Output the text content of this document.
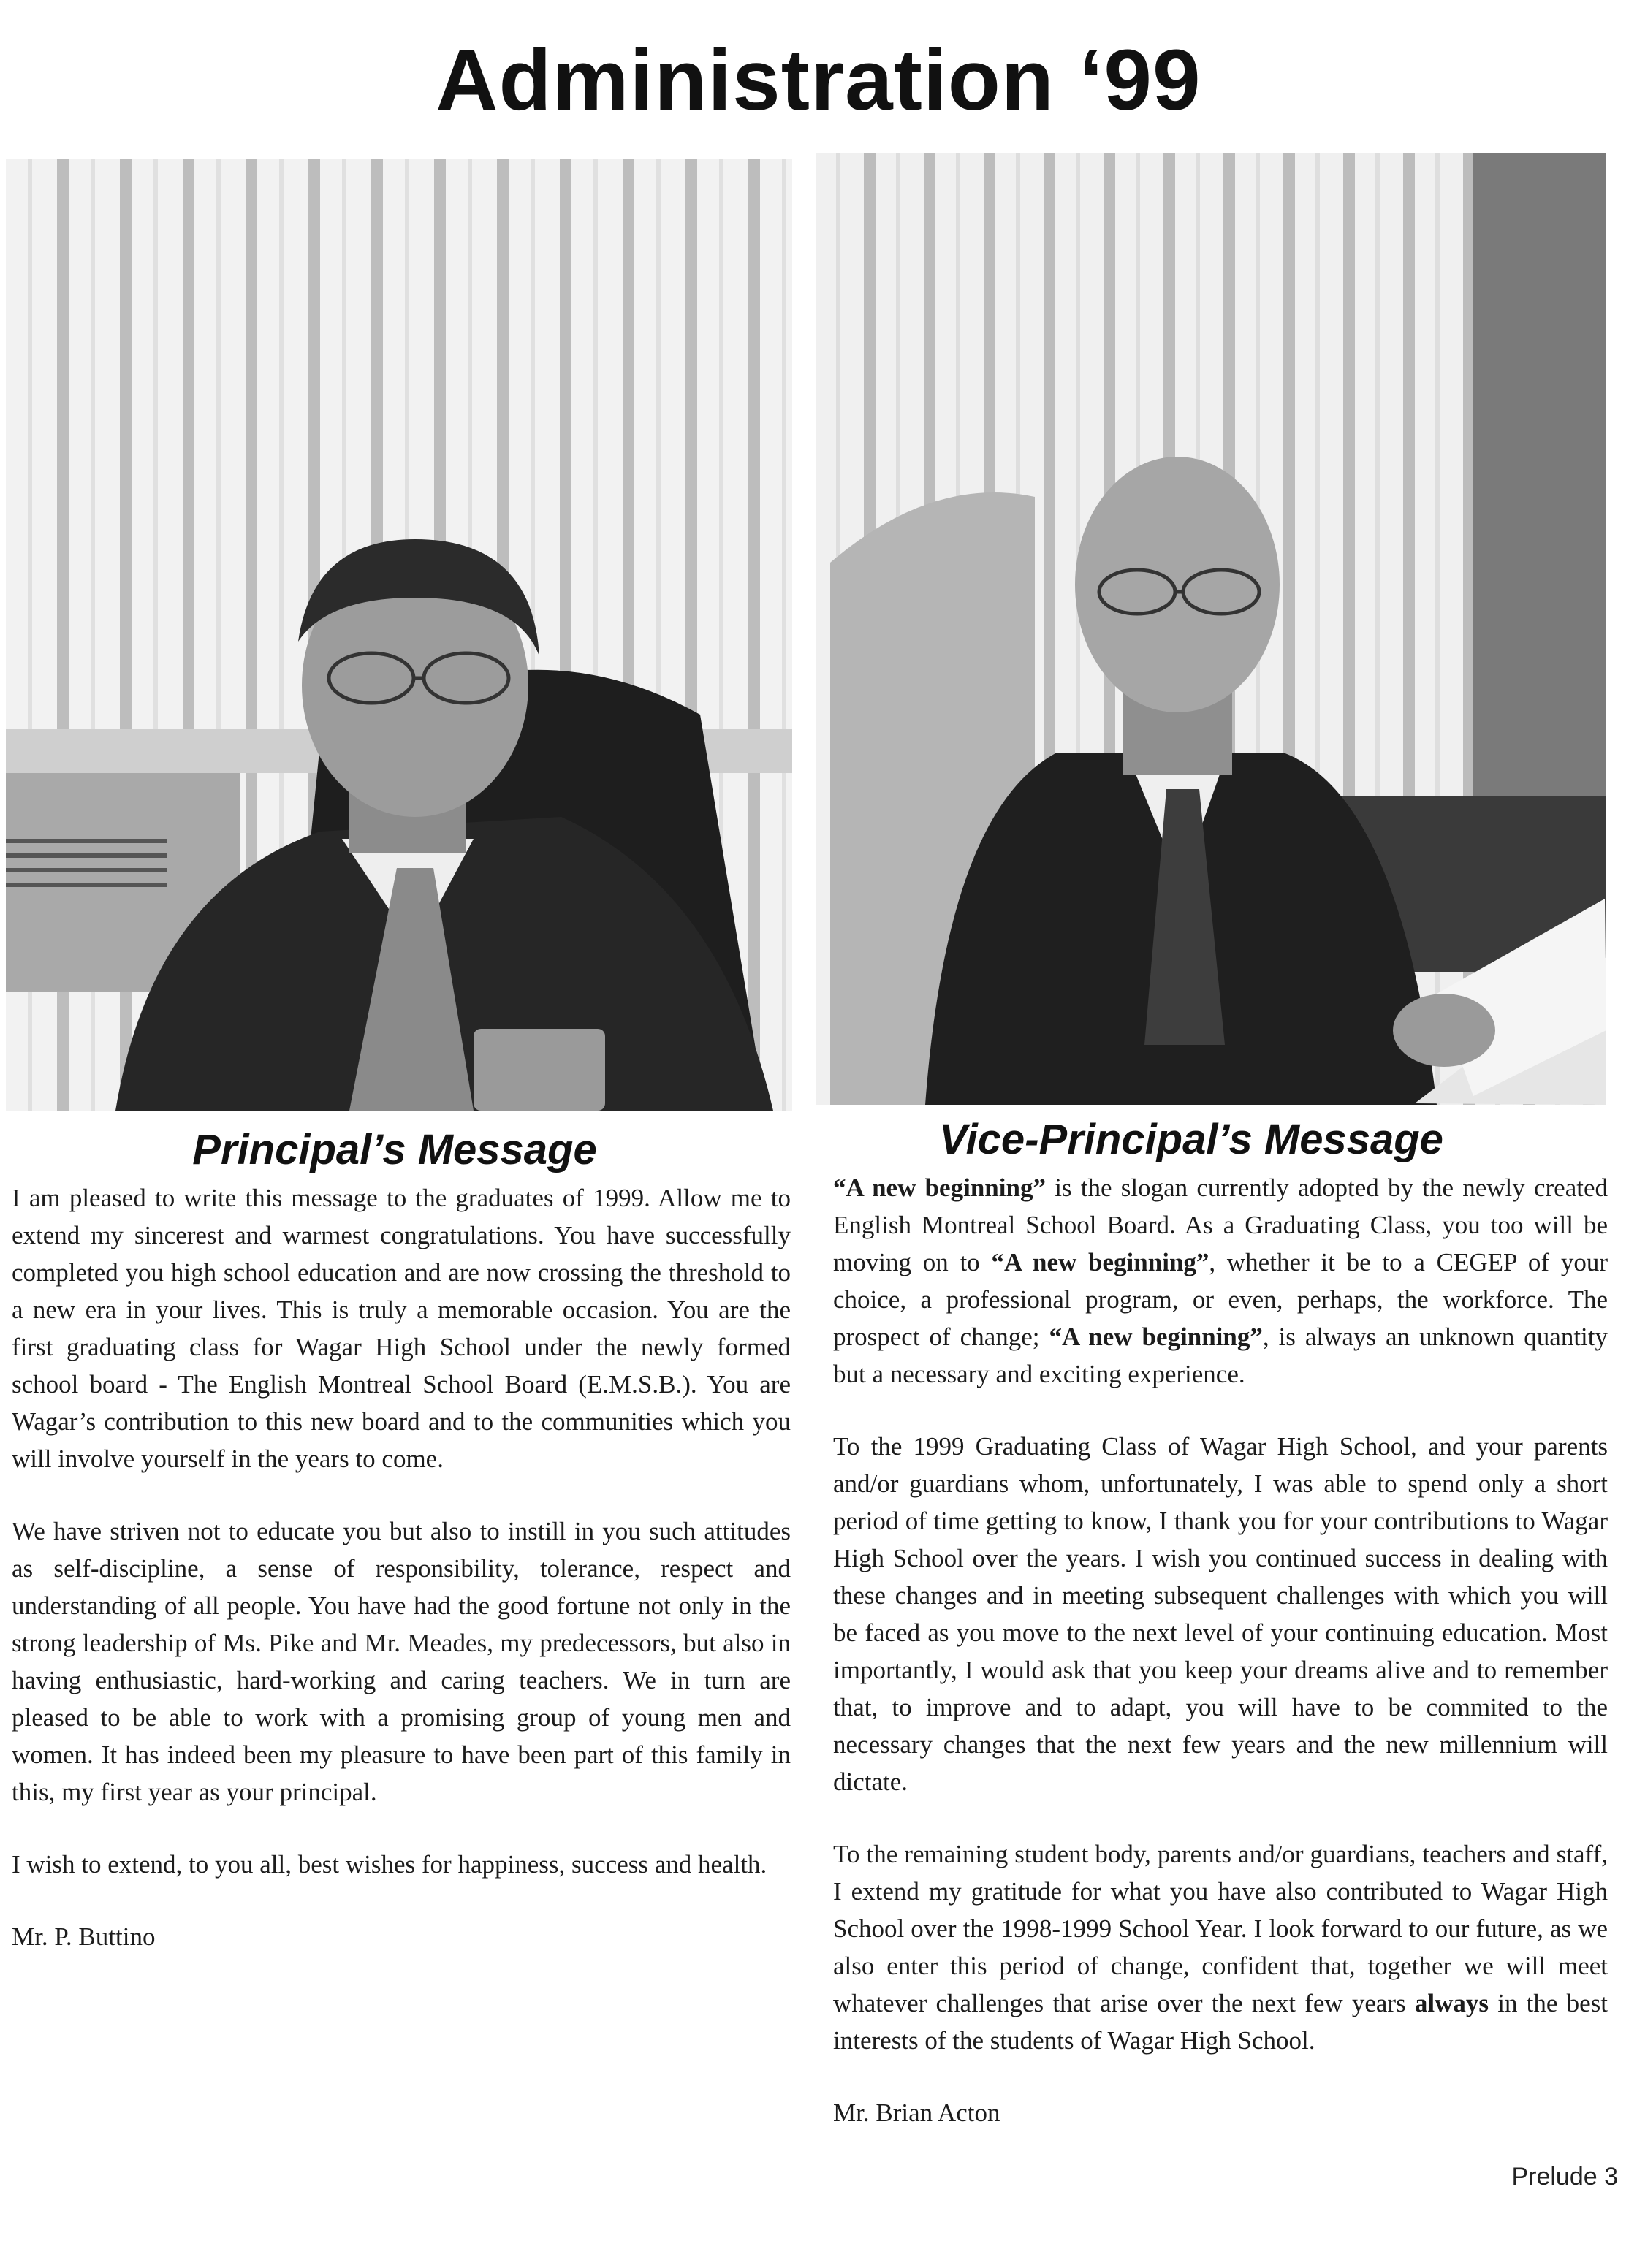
Administration ‘99
Principal’s Message	Vice-Principal’s Message

I am pleased to write this message to the graduates of 1999. Allow me to extend my sincerest and warmest congratulations. You have successfully completed you high school education and are now crossing the threshold to a new era in your lives. This is truly a memorable occasion. You are the first graduating class for Wagar High School under the newly formed school board - The English Montreal School Board (E.M.S.B.). You are Wagar’s contribution to this new board and to the communities which you will involve yourself in the years to come.

We have striven not to educate you but also to instill in you such attitudes as self-discipline, a sense of responsibility, tolerance, respect and understanding of all people. You have had the good fortune not only in the strong leadership of Ms. Pike and Mr. Meades, my predecessors, but also in having enthusiastic, hard-working and caring teachers. We in turn are pleased to be able to work with a promising group of young men and women. It has indeed been my pleasure to have been part of this family in this, my first year as your principal.

I wish to extend, to you all, best wishes for happiness, success and health.

Mr. P. Buttino

“A new beginning” is the slogan currently adopted by the newly created English Montreal School Board. As a Graduating Class, you too will be moving on to “A new beginning”, whether it be to a CEGEP of your choice, a professional program, or even, perhaps, the workforce. The prospect of change; “A new beginning”, is always an unknown quantity but a necessary and exciting experience.

To the 1999 Graduating Class of Wagar High School, and your parents and/or guardians whom, unfortunately, I was able to spend only a short period of time getting to know, I thank you for your contributions to Wagar High School over the years. I wish you continued success in dealing with these changes and in meeting subsequent challenges with which you will be faced as you move to the next level of your continuing education. Most importantly, I would ask that you keep your dreams alive and to remember that, to improve and to adapt, you will have to be commited to the necessary changes that the next few years and the new millennium will dictate.

To the remaining student body, parents and/or guardians, teachers and staff, I extend my gratitude for what you have also contributed to Wagar High School over the 1998-1999 School Year. I look forward to our future, as we also enter this period of change, confident that, together we will meet whatever challenges that arise over the next few years always in the best interests of the students of Wagar High School.

Mr. Brian Acton

Prelude 3
